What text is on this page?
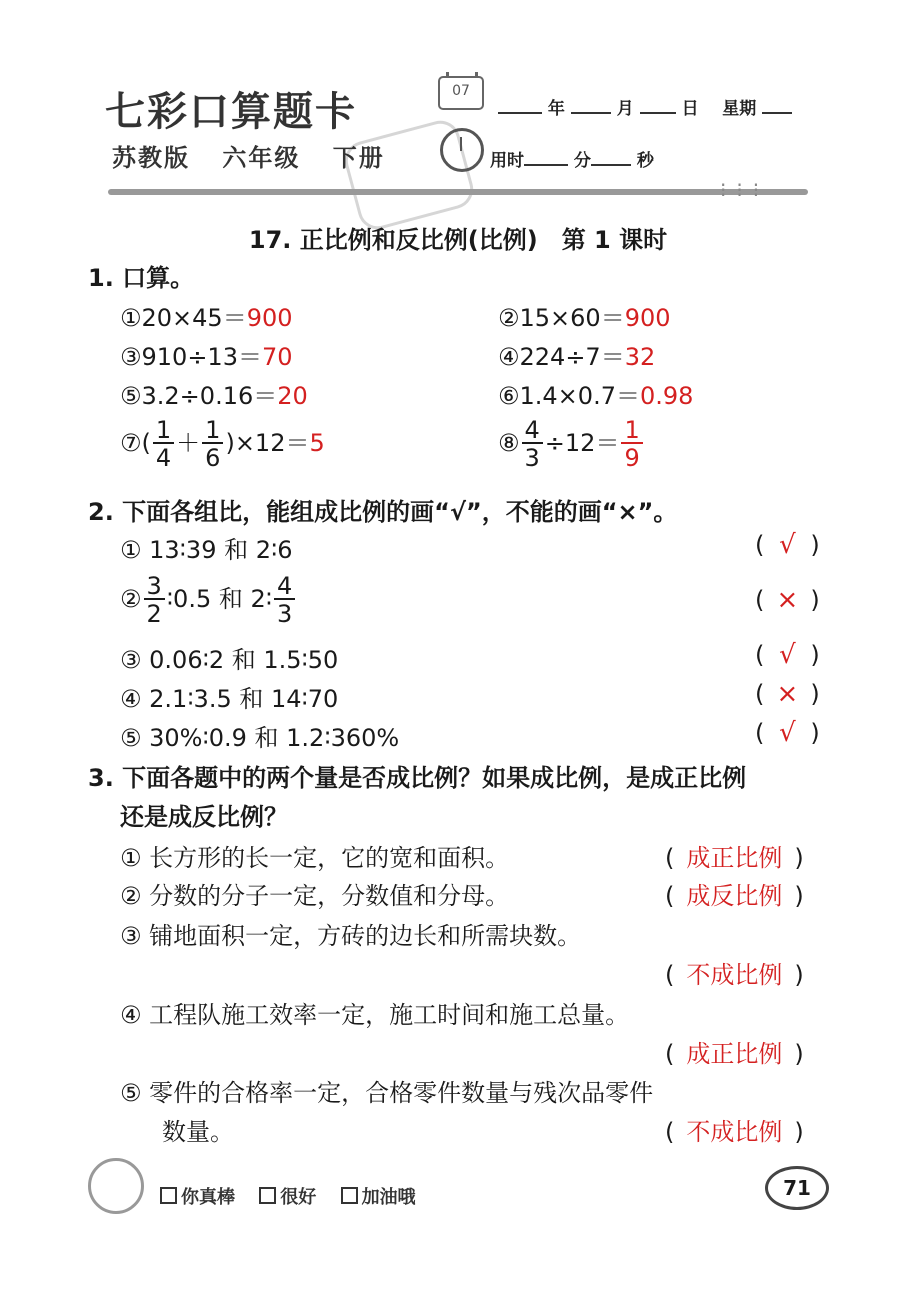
七彩口算题卡
苏教版 六年级 下册
07
年	月	日 星期
用时	分	秒
⁝⁝⁝
17. 正比例和反比例(比例)　第 1 课时
1. 口算。
①20×45＝900	②15×60＝900
③910÷13＝70	④224÷7＝32
⑤3.2÷0.16＝20	⑥1.4×0.7＝0.98
⑦( $\frac{1}{4} + \frac{1}{6} )\times 12=5$	⑧ $\frac{4}{3} \div 12= \frac{1}{9}$
2. 下面各组比，能组成比例的画“√”，不能的画“×”。
① 13∶39 和 2∶6	( √ )
② $\frac{3}{2}$ ∶0.5 和 2∶ $\frac{4}{3}$	( × )
③ 0.06∶2 和 1.5∶50	( √ )
④ 2.1∶3.5 和 14∶70	( × )
⑤ 30%∶0.9 和 1.2∶360%	( √ )
3. 下面各题中的两个量是否成比例？如果成比例，是成正比例
还是成反比例？
① 长方形的长一定，它的宽和面积。	( 成正比例 )
② 分数的分子一定，分数值和分母。	( 成反比例 )
③ 铺地面积一定，方砖的边长和所需块数。
( 不成比例 )
④ 工程队施工效率一定，施工时间和施工总量。
( 成正比例 )
⑤ 零件的合格率一定，合格零件数量与残次品零件
数量。	( 不成比例 )
你真棒	很好	加油哦	71
